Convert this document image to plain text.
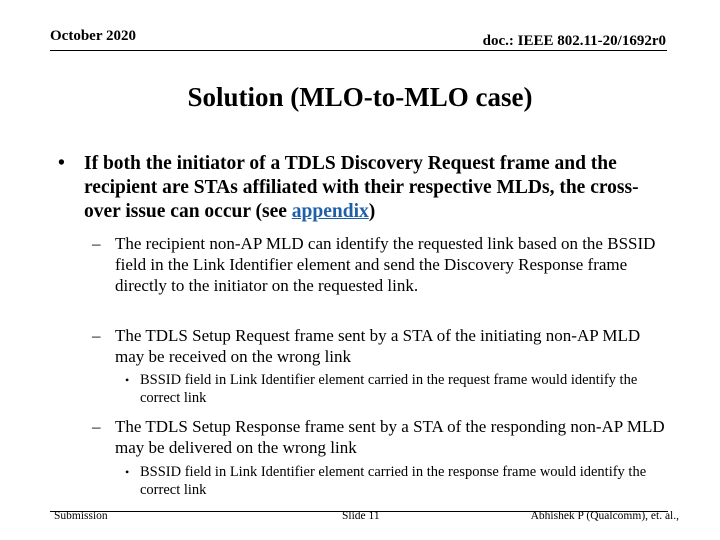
October 2020	doc.: IEEE 802.11-20/1692r0
Solution (MLO-to-MLO case)
• If both the initiator of a TDLS Discovery Request frame and the recipient are STAs affiliated with their respective MLDs, the cross-over issue can occur (see appendix)
– The recipient non-AP MLD can identify the requested link based on the BSSID field in the Link Identifier element and send the Discovery Response frame directly to the initiator on the requested link.
– The TDLS Setup Request frame sent by a STA of the initiating non-AP MLD may be received on the wrong link
• BSSID field in Link Identifier element carried in the request frame would identify the correct link
– The TDLS Setup Response frame sent by a STA of the responding non-AP MLD may be delivered on the wrong link
• BSSID field in Link Identifier element carried in the response frame would identify the correct link
Submission	Slide 11	Abhishek P (Qualcomm), et. al.,
